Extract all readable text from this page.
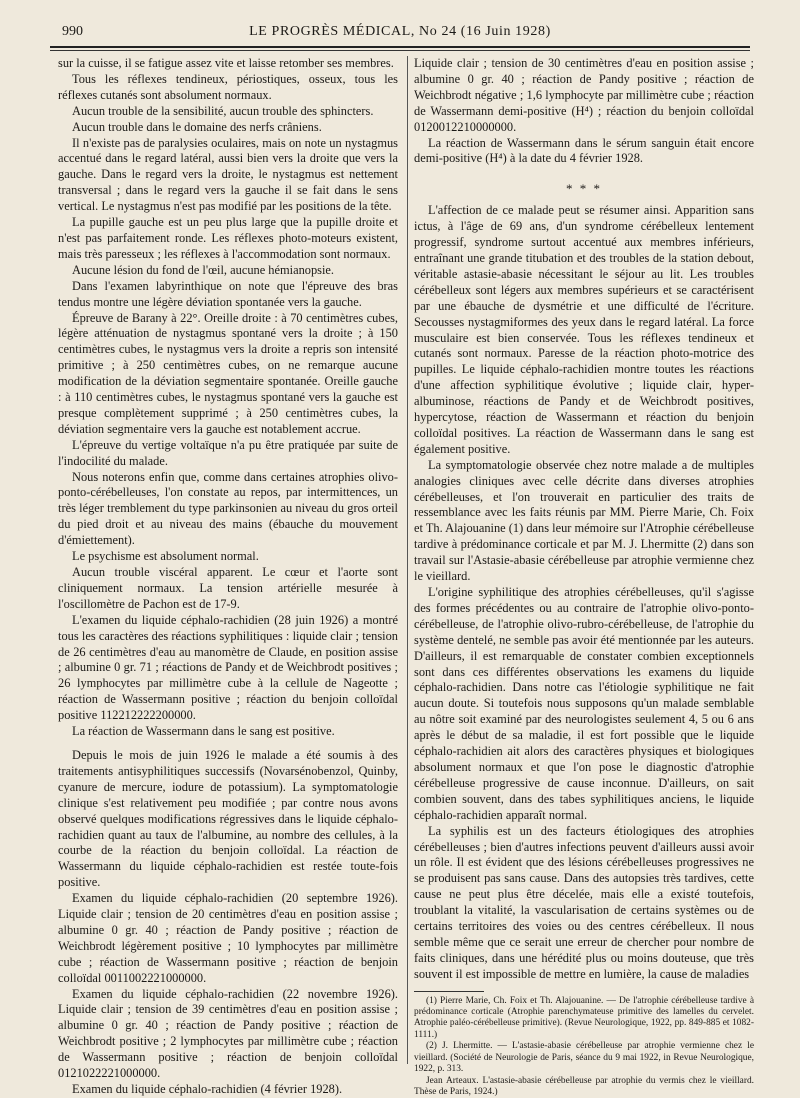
990	LE PROGRÈS MÉDICAL, No 24 (16 Juin 1928)

sur la cuisse, il se fatigue assez vite et laisse retomber ses membres.

Tous les réflexes tendineux, périostiques, osseux, tous les réflexes cutanés sont absolument normaux.

Aucun trouble de la sensibilité, aucun trouble des sphincters.

Aucun trouble dans le domaine des nerfs crâniens.

Il n'existe pas de paralysies oculaires, mais on note un nystagmus accentué dans le regard latéral, aussi bien vers la droite que vers la gauche. Dans le regard vers la droite, le nystagmus est nettement transversal ; dans le regard vers la gauche il se fait dans le sens vertical. Le nystagmus n'est pas modifié par les positions de la tête.

La pupille gauche est un peu plus large que la pupille droite et n'est pas parfaitement ronde. Les réflexes photo-moteurs existent, mais très paresseux ; les réflexes à l'accommodation sont normaux.

Aucune lésion du fond de l'œil, aucune hémianopsie.

Dans l'examen labyrinthique on note que l'épreuve des bras tendus montre une légère déviation spontanée vers la gauche.

Épreuve de Barany à 22°. Oreille droite : à 70 centimètres cubes, légère atténuation de nystagmus spontané vers la droite ; à 150 centimètres cubes, le nystagmus vers la droite a repris son intensité primitive ; à 250 centimètres cubes, on ne remarque aucune modification de la déviation segmentaire spontanée. Oreille gauche : à 110 centimètres cubes, le nystagmus spontané vers la gauche est presque complètement supprimé ; à 250 centimètres cubes, la déviation segmentaire vers la gauche est notablement accrue.

L'épreuve du vertige voltaïque n'a pu être pratiquée par suite de l'indocilité du malade.

Nous noterons enfin que, comme dans certaines atrophies olivo-ponto-cérébelleuses, l'on constate au repos, par intermittences, un très léger tremblement du type parkinsonien au niveau du gros orteil du pied droit et au niveau des mains (ébauche du mouvement d'émiettement).

Le psychisme est absolument normal.

Aucun trouble viscéral apparent. Le cœur et l'aorte sont cliniquement normaux. La tension artérielle mesurée à l'oscillomètre de Pachon est de 17-9.

L'examen du liquide céphalo-rachidien (28 juin 1926) a montré tous les caractères des réactions syphilitiques : liquide clair ; tension de 26 centimètres d'eau au manomètre de Claude, en position assise ; albumine 0 gr. 71 ; réactions de Pandy et de Weichbrodt positives ; 26 lymphocytes par millimètre cube à la cellule de Nageotte ; réaction de Wassermann positive ; réaction du benjoin colloïdal positive 112212222200000.

La réaction de Wassermann dans le sang est positive.

Depuis le mois de juin 1926 le malade a été soumis à des traitements antisyphilitiques successifs (Novarsénobenzol, Quinby, cyanure de mercure, iodure de potassium). La symptomatologie clinique s'est relativement peu modifiée ; par contre nous avons observé quelques modifications régressives dans le liquide céphalo-rachidien quant au taux de l'albumine, au nombre des cellules, à la courbe de la réaction du benjoin colloïdal. La réaction de Wassermann du liquide céphalo-rachidien est restée toute-fois positive.

Examen du liquide céphalo-rachidien (20 septembre 1926). Liquide clair ; tension de 20 centimètres d'eau en position assise ; albumine 0 gr. 40 ; réaction de Pandy positive ; réaction de Weichbrodt légèrement positive ; 10 lymphocytes par millimètre cube ; réaction de Wassermann positive ; réaction de benjoin colloïdal 0011002221000000.

Examen du liquide céphalo-rachidien (22 novembre 1926). Liquide clair ; tension de 39 centimètres d'eau en position assise ; albumine 0 gr. 40 ; réaction de Pandy positive ; réaction de Weichbrodt positive ; 2 lymphocytes par millimètre cube ; réaction de Wassermann positive ; réaction de benjoin colloïdal 0121022221000000.

Examen du liquide céphalo-rachidien (4 février 1928).

Liquide clair ; tension de 30 centimètres d'eau en position assise ; albumine 0 gr. 40 ; réaction de Pandy positive ; réaction de Weichbrodt négative ; 1,6 lymphocyte par millimètre cube ; réaction de Wassermann demi-positive (H⁴) ; réaction du benjoin colloïdal 0120012210000000.

La réaction de Wassermann dans le sérum sanguin était encore demi-positive (H⁴) à la date du 4 février 1928.

* * *

L'affection de ce malade peut se résumer ainsi. Apparition sans ictus, à l'âge de 69 ans, d'un syndrome cérébelleux lentement progressif, syndrome surtout accentué aux membres inférieurs, entraînant une grande titubation et des troubles de la station debout, véritable astasie-abasie nécessitant le séjour au lit. Les troubles cérébelleux sont légers aux membres supérieurs et se caractérisent par une ébauche de dysmétrie et une difficulté de l'écriture. Secousses nystagmiformes des yeux dans le regard latéral. La force musculaire est bien conservée. Tous les réflexes tendineux et cutanés sont normaux. Paresse de la réaction photo-motrice des pupilles. Le liquide céphalo-rachidien montre toutes les réactions d'une affection syphilitique évolutive ; liquide clair, hyper-albuminose, réactions de Pandy et de Weichbrodt positives, hypercytose, réaction de Wassermann et réaction du benjoin colloïdal positives. La réaction de Wassermann dans le sang est également positive.

La symptomatologie observée chez notre malade a de multiples analogies cliniques avec celle décrite dans diverses atrophies cérébelleuses, et l'on trouverait en particulier des traits de ressemblance avec les faits réunis par MM. Pierre Marie, Ch. Foix et Th. Alajouanine (1) dans leur mémoire sur l'Atrophie cérébelleuse tardive à prédominance corticale et par M. J. Lhermitte (2) dans son travail sur l'Astasie-abasie cérébelleuse par atrophie vermienne chez le vieillard.

L'origine syphilitique des atrophies cérébelleuses, qu'il s'agisse des formes précédentes ou au contraire de l'atrophie olivo-ponto-cérébelleuse, de l'atrophie olivo-rubro-cérébelleuse, de l'atrophie du système dentelé, ne semble pas avoir été mentionnée par les auteurs. D'ailleurs, il est remarquable de constater combien exceptionnels sont dans ces différentes observations les examens du liquide céphalo-rachidien. Dans notre cas l'étiologie syphilitique ne fait aucun doute. Si toutefois nous supposons qu'un malade semblable au nôtre soit examiné par des neurologistes seulement 4, 5 ou 6 ans après le début de sa maladie, il est fort possible que le liquide céphalo-rachidien ait alors des caractères physiques et biologiques absolument normaux et que l'on pose le diagnostic d'atrophie cérébelleuse progressive de cause inconnue. D'ailleurs, on sait combien souvent, dans des tabes syphilitiques anciens, le liquide céphalo-rachidien apparaît normal.

La syphilis est un des facteurs étiologiques des atrophies cérébelleuses ; bien d'autres infections peuvent d'ailleurs aussi avoir un rôle. Il est évident que des lésions cérébelleuses progressives ne se produisent pas sans cause. Dans des autopsies très tardives, cette cause ne peut plus être décelée, mais elle a existé toutefois, troublant la vitalité, la vascularisation de certains systèmes ou de certains territoires des voies ou des centres cérébelleux. Il nous semble même que ce serait une erreur de chercher pour nombre de faits cliniques, dans une hérédité plus ou moins douteuse, que très souvent il est impossible de mettre en lumière, la cause de maladies

(1) Pierre Marie, Ch. Foix et Th. Alajouanine. — De l'atrophie cérébelleuse tardive à prédominance corticale (Atrophie parenchymateuse primitive des lamelles du cervelet. Atrophie paléo-cérébelleuse primitive). (Revue Neurologique, 1922, pp. 849-885 et 1082-1111.)

(2) J. Lhermitte. — L'astasie-abasie cérébelleuse par atrophie vermienne chez le vieillard. (Société de Neurologie de Paris, séance du 9 mai 1922, in Revue Neurologique, 1922, p. 313.

Jean Arteaux. L'astasie-abasie cérébelleuse par atrophie du vermis chez le vieillard. Thèse de Paris, 1924.)
